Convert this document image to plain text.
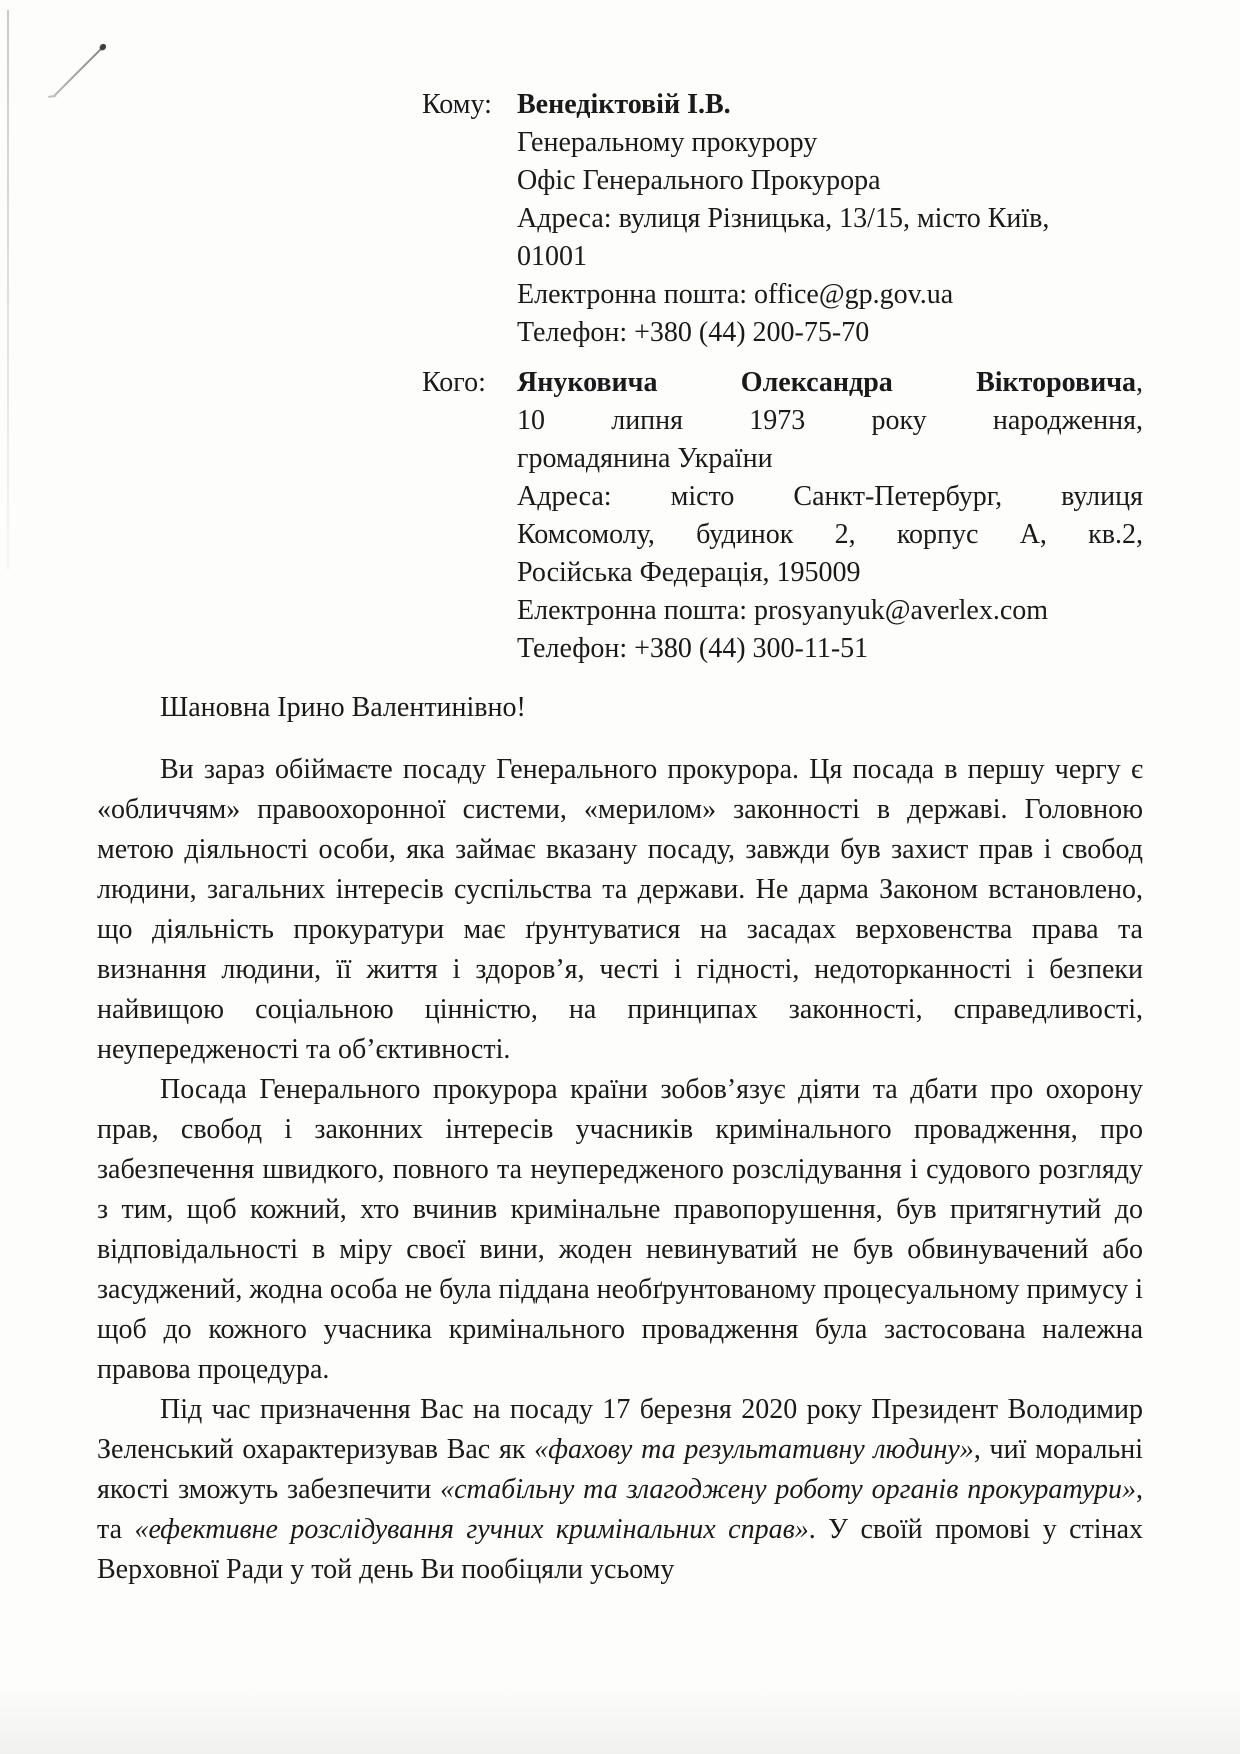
Кому: Венедіктовій І.В.
Генеральному прокурору
Офіс Генерального Прокурора
Адреса: вулиця Різницька, 13/15, місто Київ,
01001
Електронна пошта: office@gp.gov.ua
Телефон: +380 (44) 200-75-70
Кого:	Януковича Олександра Вікторовича,
10 липня 1973 року народження,
громадянина України
Адреса: місто Санкт-Петербург, вулиця
Комсомолу, будинок 2, корпус А, кв.2,
Російська Федерація, 195009
Електронна пошта: prosyanyuk@averlex.com
Телефон: +380 (44) 300-11-51
Шановна Ірино Валентинівно!

Ви зараз обіймаєте посаду Генерального прокурора. Ця посада в першу чергу є «обличчям» правоохоронної системи, «мерилом» законності в державі. Головною метою діяльності особи, яка займає вказану посаду, завжди був захист прав і свобод людини, загальних інтересів суспільства та держави. Не дарма Законом встановлено, що діяльність прокуратури має ґрунтуватися на засадах верховенства права та визнання людини, її життя і здоров’я, честі і гідності, недоторканності і безпеки найвищою соціальною цінністю, на принципах законності, справедливості, неупередженості та об’єктивності.

Посада Генерального прокурора країни зобов’язує діяти та дбати про охорону прав, свобод і законних інтересів учасників кримінального провадження, про забезпечення швидкого, повного та неупередженого розслідування і судового розгляду з тим, щоб кожний, хто вчинив кримінальне правопорушення, був притягнутий до відповідальності в міру своєї вини, жоден невинуватий не був обвинувачений або засуджений, жодна особа не була піддана необґрунтованому процесуальному примусу і щоб до кожного учасника кримінального провадження була застосована належна правова процедура.

Під час призначення Вас на посаду 17 березня 2020 року Президент Володимир Зеленський охарактеризував Вас як «фахову та результативну людину», чиї моральні якості зможуть забезпечити «стабільну та злагоджену роботу органів прокуратури», та «ефективне розслідування гучних кримінальних справ». У своїй промові у стінах Верховної Ради у той день Ви пообіцяли усьому
